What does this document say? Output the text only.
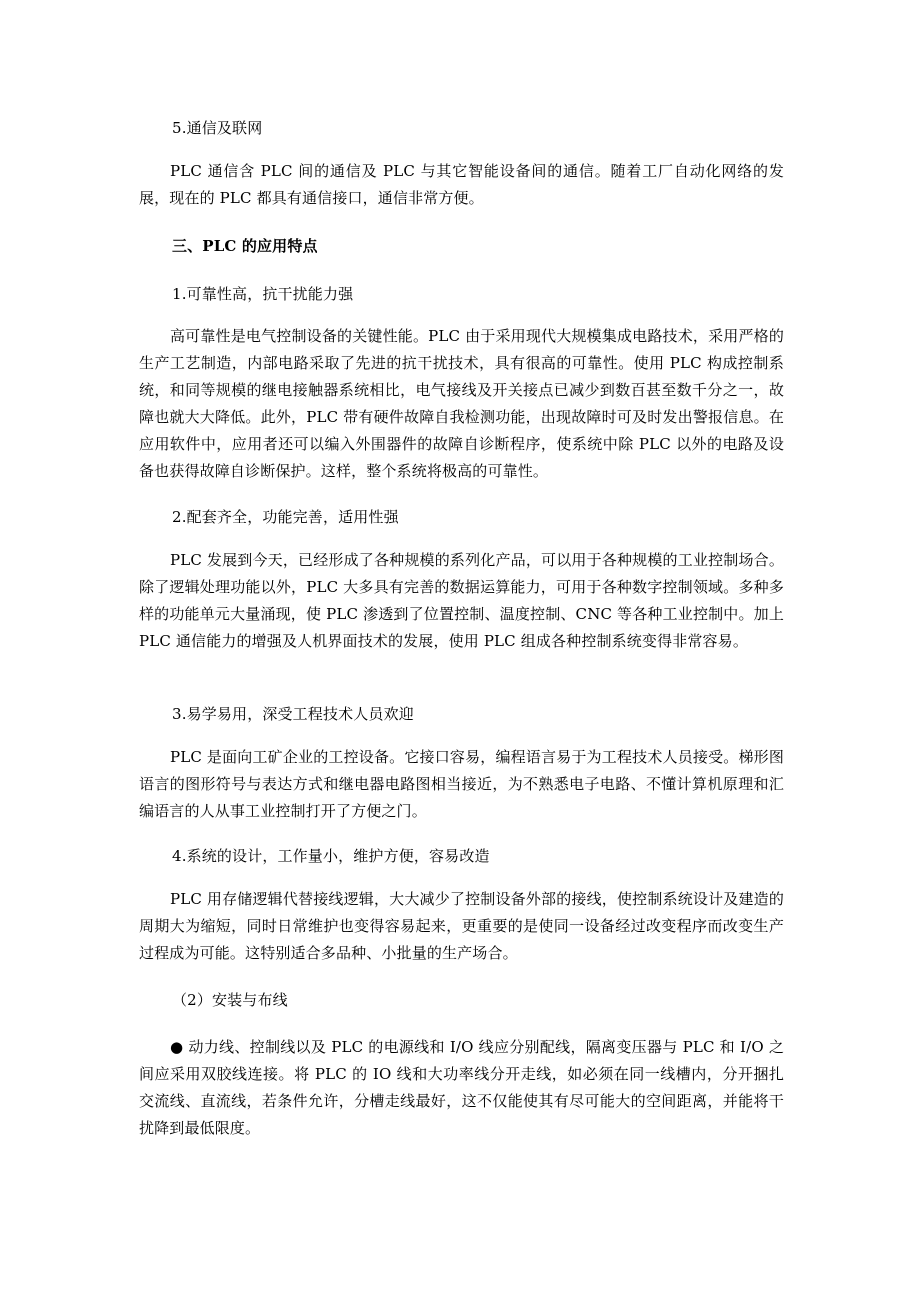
5.通信及联网
PLC 通信含 PLC 间的通信及 PLC 与其它智能设备间的通信。随着工厂自动化网络的发展，现在的 PLC 都具有通信接口，通信非常方便。
三、PLC 的应用特点
1.可靠性高，抗干扰能力强
高可靠性是电气控制设备的关键性能。PLC 由于采用现代大规模集成电路技术，采用严格的生产工艺制造，内部电路采取了先进的抗干扰技术，具有很高的可靠性。使用 PLC 构成控制系统，和同等规模的继电接触器系统相比，电气接线及开关接点已减少到数百甚至数千分之一，故障也就大大降低。此外，PLC 带有硬件故障自我检测功能，出现故障时可及时发出警报信息。在应用软件中，应用者还可以编入外围器件的故障自诊断程序，使系统中除 PLC 以外的电路及设备也获得故障自诊断保护。这样，整个系统将极高的可靠性。
2.配套齐全，功能完善，适用性强
PLC 发展到今天，已经形成了各种规模的系列化产品，可以用于各种规模的工业控制场合。除了逻辑处理功能以外，PLC 大多具有完善的数据运算能力，可用于各种数字控制领域。多种多样的功能单元大量涌现，使 PLC 渗透到了位置控制、温度控制、CNC 等各种工业控制中。加上 PLC 通信能力的增强及人机界面技术的发展，使用 PLC 组成各种控制系统变得非常容易。
3.易学易用，深受工程技术人员欢迎
PLC 是面向工矿企业的工控设备。它接口容易，编程语言易于为工程技术人员接受。梯形图语言的图形符号与表达方式和继电器电路图相当接近，为不熟悉电子电路、不懂计算机原理和汇编语言的人从事工业控制打开了方便之门。
4.系统的设计，工作量小，维护方便，容易改造
PLC 用存储逻辑代替接线逻辑，大大减少了控制设备外部的接线，使控制系统设计及建造的周期大为缩短，同时日常维护也变得容易起来，更重要的是使同一设备经过改变程序而改变生产过程成为可能。这特别适合多品种、小批量的生产场合。
（2）安装与布线
● 动力线、控制线以及 PLC 的电源线和 I/O 线应分别配线，隔离变压器与 PLC 和 I/O 之间应采用双胶线连接。将 PLC 的 IO 线和大功率线分开走线，如必须在同一线槽内，分开捆扎交流线、直流线，若条件允许，分槽走线最好，这不仅能使其有尽可能大的空间距离，并能将干扰降到最低限度。
